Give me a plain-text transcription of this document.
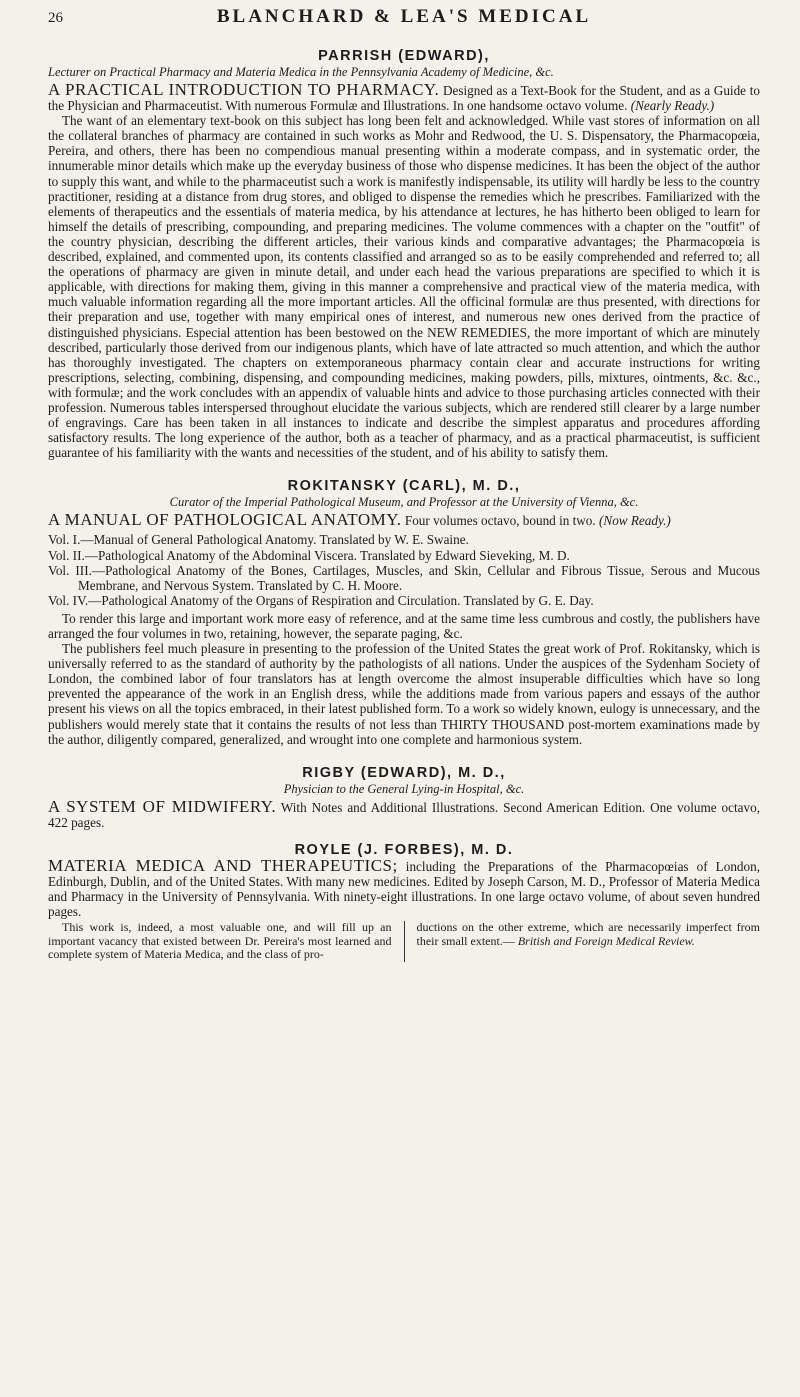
26	BLANCHARD & LEA'S MEDICAL
PARRISH (EDWARD),
Lecturer on Practical Pharmacy and Materia Medica in the Pennsylvania Academy of Medicine, &c.

A PRACTICAL INTRODUCTION TO PHARMACY. Designed as a Text-Book for the Student, and as a Guide to the Physician and Pharmaceutist. With numerous Formulæ and Illustrations. In one handsome octavo volume. (Nearly Ready.)

The want of an elementary text-book on this subject has long been felt and acknowledged. While vast stores of information on all the collateral branches of pharmacy are contained in such works as Mohr and Redwood, the U. S. Dispensatory, the Pharmacopœia, Pereira, and others, there has been no compendious manual presenting within a moderate compass, and in systematic order, the innumerable minor details which make up the everyday business of those who dispense medicines. It has been the object of the author to supply this want, and while to the pharmaceutist such a work is manifestly indispensable, its utility will hardly be less to the country practitioner, residing at a distance from drug stores, and obliged to dispense the remedies which he prescribes. Familiarized with the elements of therapeutics and the essentials of materia medica, by his attendance at lectures, he has hitherto been obliged to learn for himself the details of prescribing, compounding, and preparing medicines. The volume commences with a chapter on the "outfit" of the country physician, describing the different articles, their various kinds and comparative advantages; the Pharmacopœia is described, explained, and commented upon, its contents classified and arranged so as to be easily comprehended and referred to; all the operations of pharmacy are given in minute detail, and under each head the various preparations are specified to which it is applicable, with directions for making them, giving in this manner a comprehensive and practical view of the materia medica, with much valuable information regarding all the more important articles. All the officinal formulæ are thus presented, with directions for their preparation and use, together with many empirical ones of interest, and numerous new ones derived from the practice of distinguished physicians. Especial attention has been bestowed on the NEW REMEDIES, the more important of which are minutely described, particularly those derived from our indigenous plants, which have of late attracted so much attention, and which the author has thoroughly investigated. The chapters on extemporaneous pharmacy contain clear and accurate instructions for writing prescriptions, selecting, combining, dispensing, and compounding medicines, making powders, pills, mixtures, ointments, &c. &c., with formulæ; and the work concludes with an appendix of valuable hints and advice to those purchasing articles connected with their profession. Numerous tables interspersed throughout elucidate the various subjects, which are rendered still clearer by a large number of engravings. Care has been taken in all instances to indicate and describe the simplest apparatus and procedures affording satisfactory results. The long experience of the author, both as a teacher of pharmacy, and as a practical pharmaceutist, is sufficient guarantee of his familiarity with the wants and necessities of the student, and of his ability to satisfy them.

ROKITANSKY (CARL), M. D.,
Curator of the Imperial Pathological Museum, and Professor at the University of Vienna, &c.

A MANUAL OF PATHOLOGICAL ANATOMY. Four volumes octavo, bound in two. (Now Ready.)

Vol. I.—Manual of General Pathological Anatomy. Translated by W. E. Swaine.

Vol. II.—Pathological Anatomy of the Abdominal Viscera. Translated by Edward Sieveking, M. D.

Vol. III.—Pathological Anatomy of the Bones, Cartilages, Muscles, and Skin, Cellular and Fibrous Tissue, Serous and Mucous Membrane, and Nervous System. Translated by C. H. Moore.

Vol. IV.—Pathological Anatomy of the Organs of Respiration and Circulation. Translated by G. E. Day.

To render this large and important work more easy of reference, and at the same time less cumbrous and costly, the publishers have arranged the four volumes in two, retaining, however, the separate paging, &c.

The publishers feel much pleasure in presenting to the profession of the United States the great work of Prof. Rokitansky, which is universally referred to as the standard of authority by the pathologists of all nations. Under the auspices of the Sydenham Society of London, the combined labor of four translators has at length overcome the almost insuperable difficulties which have so long prevented the appearance of the work in an English dress, while the additions made from various papers and essays of the author present his views on all the topics embraced, in their latest published form. To a work so widely known, eulogy is unnecessary, and the publishers would merely state that it contains the results of not less than THIRTY THOUSAND post-mortem examinations made by the author, diligently compared, generalized, and wrought into one complete and harmonious system.

RIGBY (EDWARD), M. D.,
Physician to the General Lying-in Hospital, &c.

A SYSTEM OF MIDWIFERY. With Notes and Additional Illustrations. Second American Edition. One volume octavo, 422 pages.

ROYLE (J. FORBES), M. D.

MATERIA MEDICA AND THERAPEUTICS; including the Preparations of the Pharmacopœias of London, Edinburgh, Dublin, and of the United States. With many new medicines. Edited by Joseph Carson, M. D., Professor of Materia Medica and Pharmacy in the University of Pennsylvania. With ninety-eight illustrations. In one large octavo volume, of about seven hundred pages.

This work is, indeed, a most valuable one, and will fill up an important vacancy that existed between Dr. Pereira's most learned and complete system of Materia Medica, and the class of pro-

ductions on the other extreme, which are necessarily imperfect from their small extent.— British and Foreign Medical Review.
